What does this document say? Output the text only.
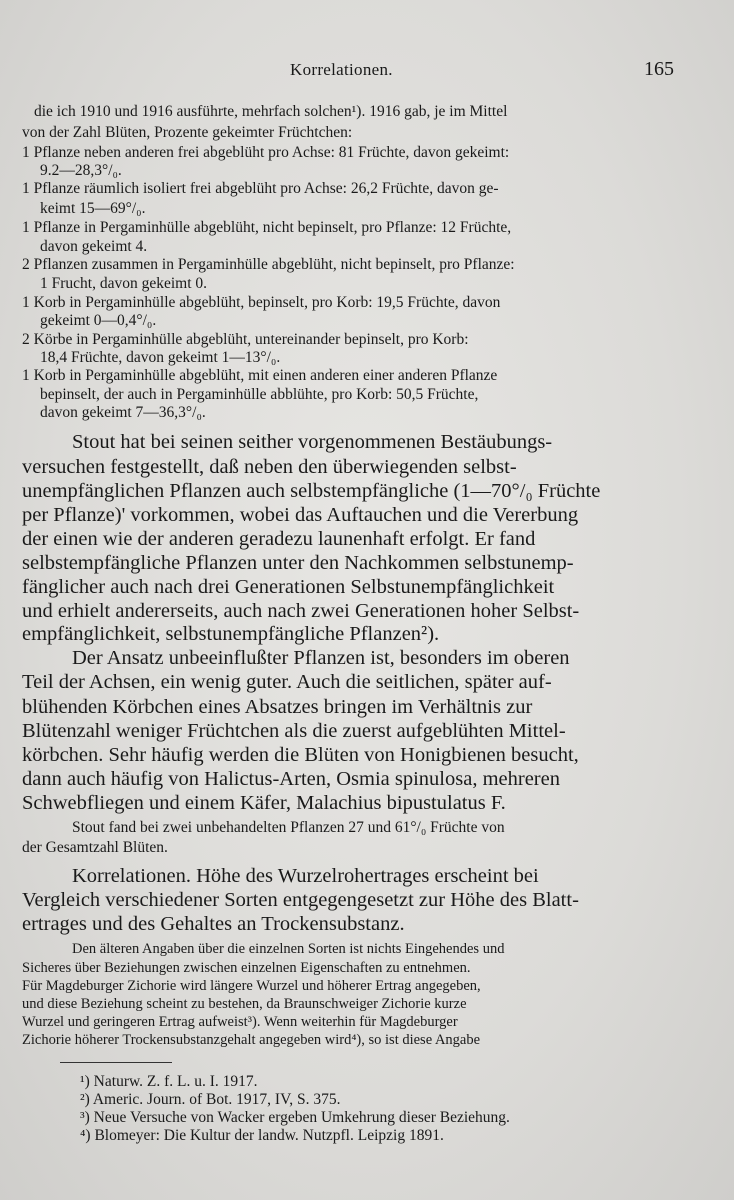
Korrelationen.	165
die ich 1910 und 1916 ausführte, mehrfach solchen¹). 1916 gab, je im Mittel
von der Zahl Blüten, Prozente gekeimter Früchtchen:
1 Pflanze neben anderen frei abgeblüht pro Achse: 81 Früchte, davon gekeimt:
9.2—28,3°/₀.
1 Pflanze räumlich isoliert frei abgeblüht pro Achse: 26,2 Früchte, davon ge-
keimt 15—69°/₀.
1 Pflanze in Pergaminhülle abgeblüht, nicht bepinselt, pro Pflanze: 12 Früchte,
davon gekeimt 4.
2 Pflanzen zusammen in Pergaminhülle abgeblüht, nicht bepinselt, pro Pflanze:
1 Frucht, davon gekeimt 0.
1 Korb in Pergaminhülle abgeblüht, bepinselt, pro Korb: 19,5 Früchte, davon
gekeimt 0—0,4°/₀.
2 Körbe in Pergaminhülle abgeblüht, untereinander bepinselt, pro Korb:
18,4 Früchte, davon gekeimt 1—13°/₀.
1 Korb in Pergaminhülle abgeblüht, mit einen anderen einer anderen Pflanze
bepinselt, der auch in Pergaminhülle abblühte, pro Korb: 50,5 Früchte,
davon gekeimt 7—36,3°/₀.
Stout hat bei seinen seither vorgenommenen Bestäubungs-
versuchen festgestellt, daß neben den überwiegenden selbst-
unempfänglichen Pflanzen auch selbstempfängliche (1—70°/₀ Früchte
per Pflanze)' vorkommen, wobei das Auftauchen und die Vererbung
der einen wie der anderen geradezu launenhaft erfolgt. Er fand
selbstempfängliche Pflanzen unter den Nachkommen selbstunemp-
fänglicher auch nach drei Generationen Selbstunempfänglichkeit
und erhielt andererseits, auch nach zwei Generationen hoher Selbst-
empfänglichkeit, selbstunempfängliche Pflanzen²).
Der Ansatz unbeeinflußter Pflanzen ist, besonders im oberen
Teil der Achsen, ein wenig guter. Auch die seitlichen, später auf-
blühenden Körbchen eines Absatzes bringen im Verhältnis zur
Blütenzahl weniger Früchtchen als die zuerst aufgeblühten Mittel-
körbchen. Sehr häufig werden die Blüten von Honigbienen besucht,
dann auch häufig von Halictus-Arten, Osmia spinulosa, mehreren
Schwebfliegen und einem Käfer, Malachius bipustulatus F.
Stout fand bei zwei unbehandelten Pflanzen 27 und 61°/₀ Früchte von
der Gesamtzahl Blüten.
Korrelationen. Höhe des Wurzelrohertrages erscheint bei
Vergleich verschiedener Sorten entgegengesetzt zur Höhe des Blatt-
ertrages und des Gehaltes an Trockensubstanz.
Den älteren Angaben über die einzelnen Sorten ist nichts Eingehendes und
Sicheres über Beziehungen zwischen einzelnen Eigenschaften zu entnehmen.
Für Magdeburger Zichorie wird längere Wurzel und höherer Ertrag angegeben,
und diese Beziehung scheint zu bestehen, da Braunschweiger Zichorie kurze
Wurzel und geringeren Ertrag aufweist³). Wenn weiterhin für Magdeburger
Zichorie höherer Trockensubstanzgehalt angegeben wird⁴), so ist diese Angabe
¹) Naturw. Z. f. L. u. I. 1917.
²) Americ. Journ. of Bot. 1917, IV, S. 375.
³) Neue Versuche von Wacker ergeben Umkehrung dieser Beziehung.
⁴) Blomeyer: Die Kultur der landw. Nutzpfl. Leipzig 1891.
